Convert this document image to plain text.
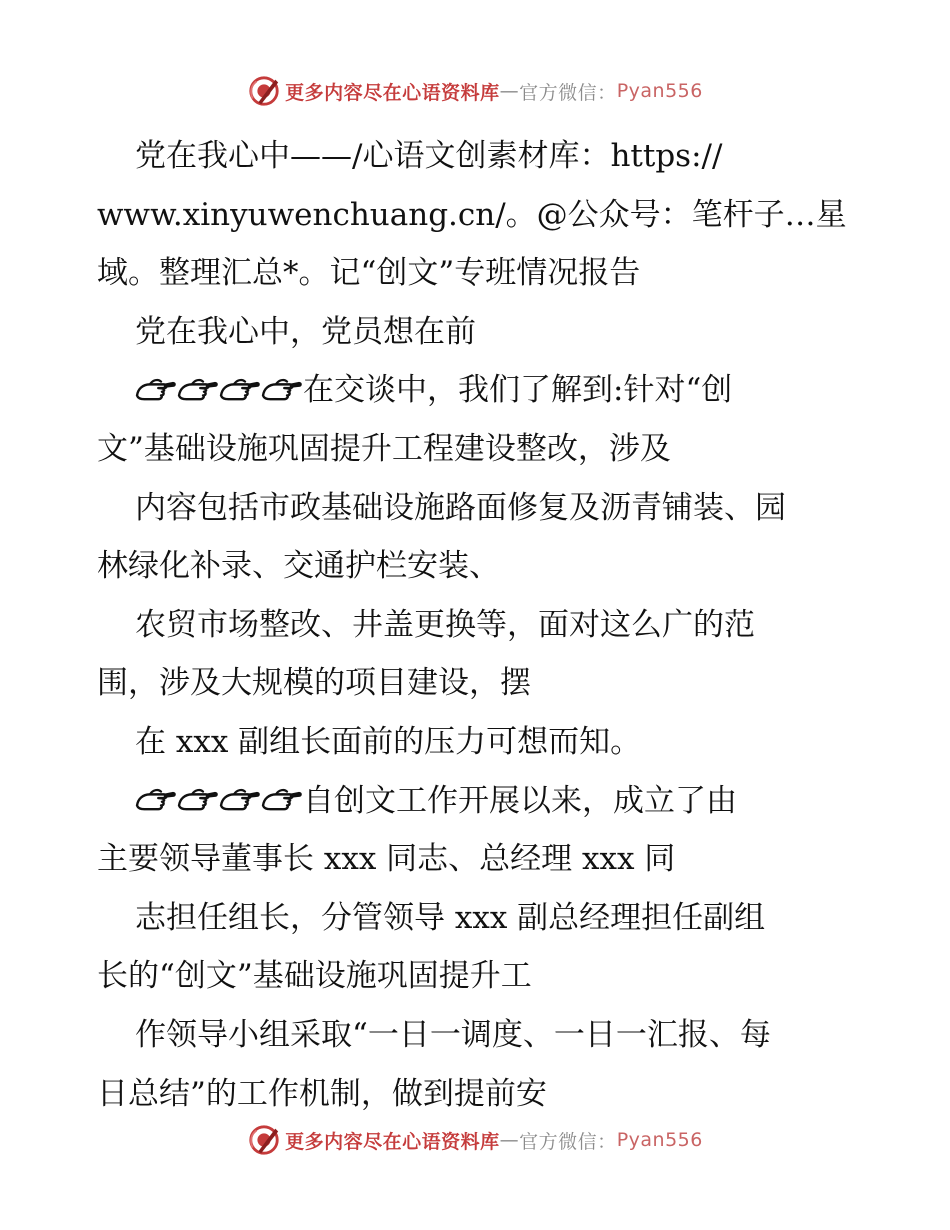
更多内容尽在心语资料库 — 官方微信： Pyan556

党在我心中——/心语文创素材库：https://

www.xinyuwenchuang.cn/。@公众号：笔杆子…星

域。整理汇总*。记“创文”专班情况报告

党在我心中，党员想在前

在交谈中，我们了解到:针对“创

文”基础设施巩固提升工程建设整改，涉及

内容包括市政基础设施路面修复及沥青铺装、园

林绿化补录、交通护栏安装、

农贸市场整改、井盖更换等，面对这么广的范

围，涉及大规模的项目建设，摆

在 xxx 副组长面前的压力可想而知。

自创文工作开展以来，成立了由

主要领导董事长 xxx 同志、总经理 xxx 同

志担任组长，分管领导 xxx 副总经理担任副组

长的“创文”基础设施巩固提升工

作领导小组采取“一日一调度、一日一汇报、每

日总结”的工作机制，做到提前安

更多内容尽在心语资料库 — 官方微信： Pyan556
